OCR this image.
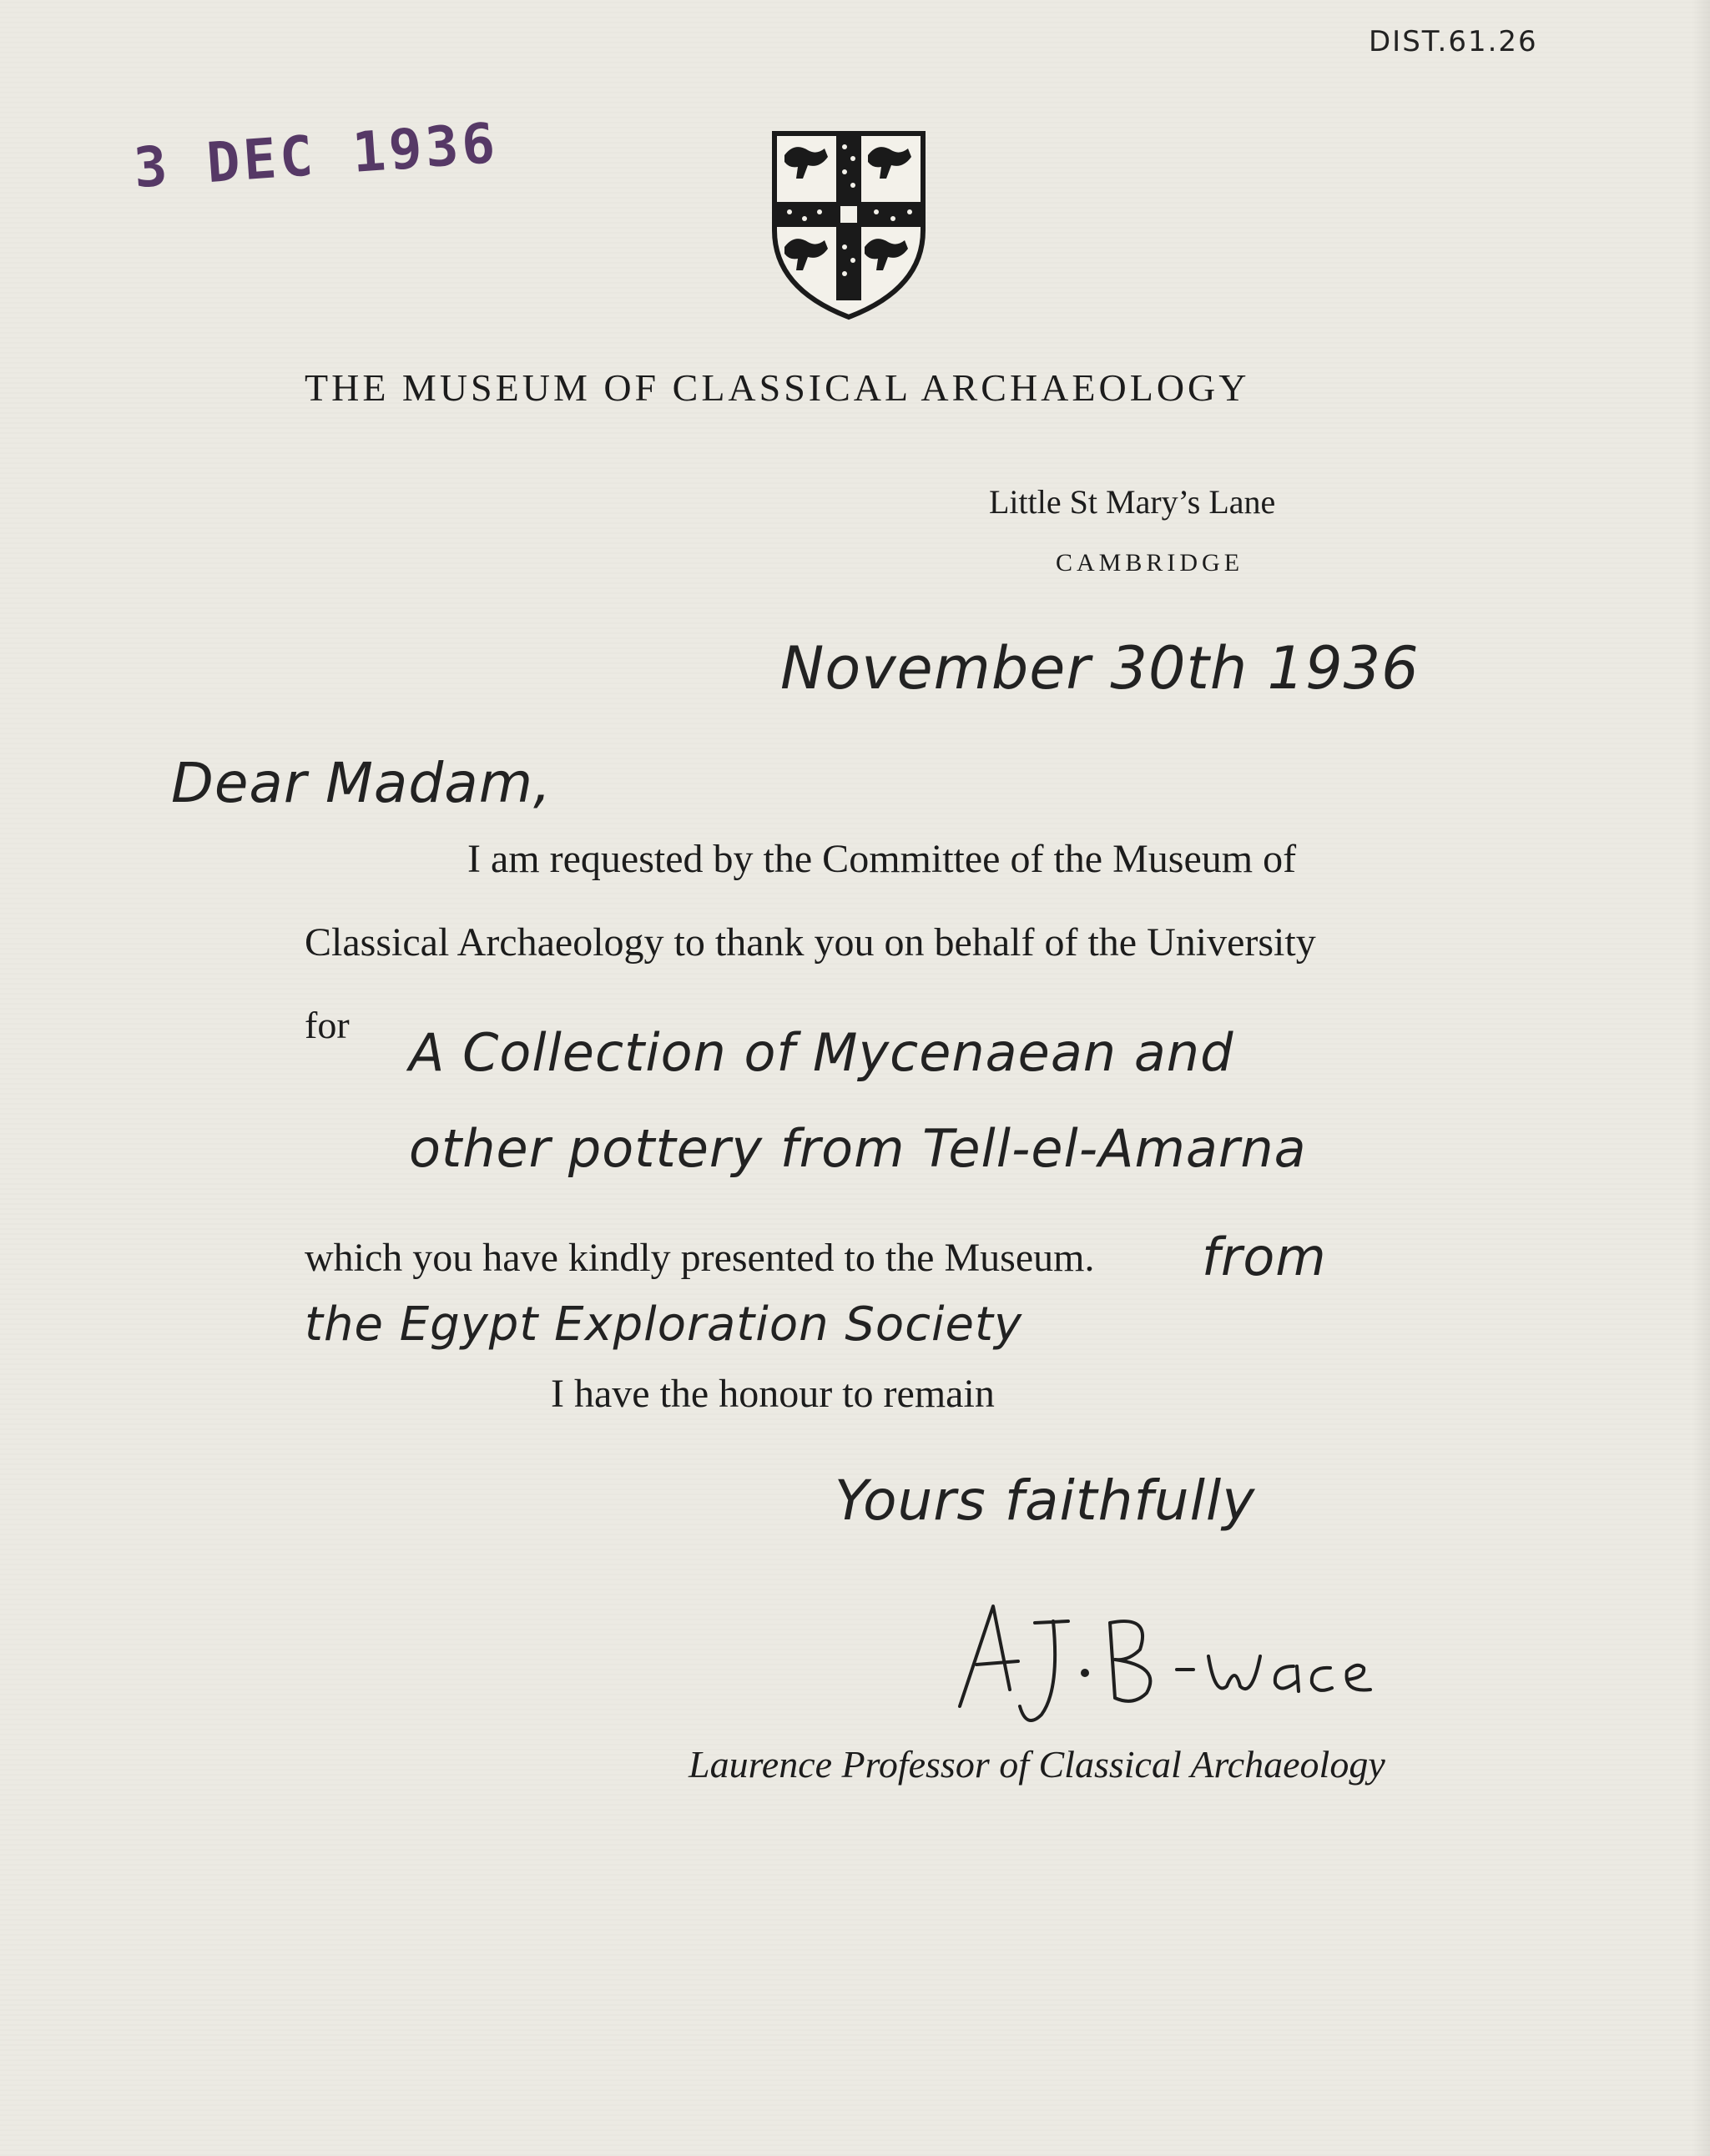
DIST.61.26
3 DEC 1936
THE MUSEUM OF CLASSICAL ARCHAEOLOGY
Little St Mary’s Lane
CAMBRIDGE
November 30th 1936
Dear Madam,
I am requested by the Committee of the Museum of
Classical Archaeology to thank you on behalf of the University
for A Collection of Mycenaean and
other pottery from Tell-el-Amarna
which you have kindly presented to the Museum. from
the Egypt Exploration Society
I have the honour to remain
Yours faithfully
Laurence Professor of Classical Archaeology
